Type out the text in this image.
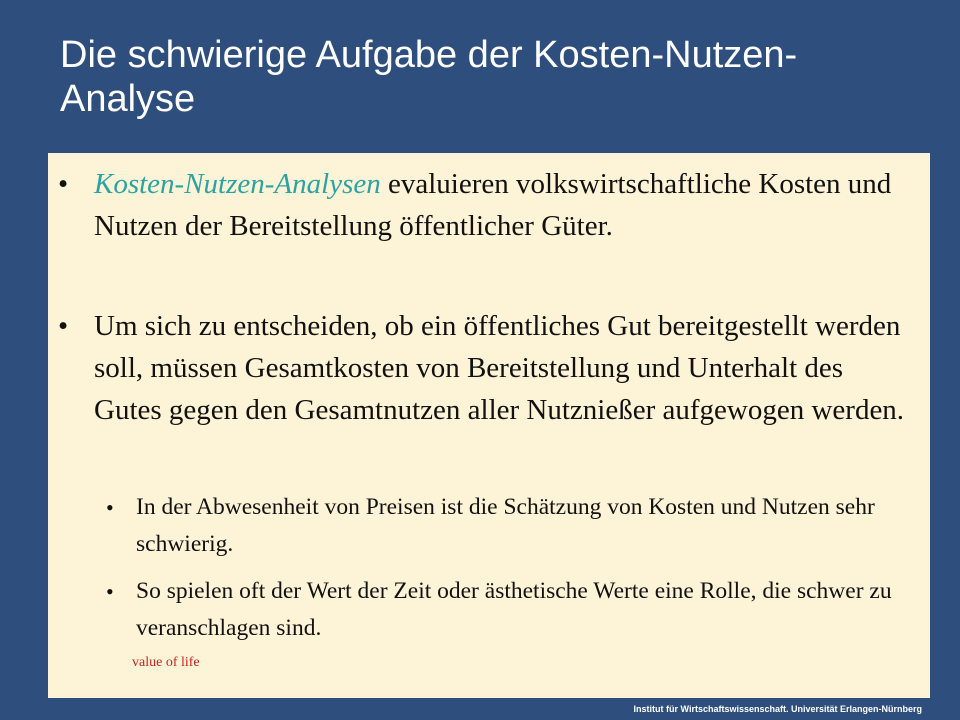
Die schwierige Aufgabe der Kosten-Nutzen-Analyse
• Kosten-Nutzen-Analysen evaluieren volkswirtschaftliche Kosten und Nutzen der Bereitstellung öffentlicher Güter.
• Um sich zu entscheiden, ob ein öffentliches Gut bereitgestellt werden soll, müssen Gesamtkosten von Bereitstellung und Unterhalt des Gutes gegen den Gesamtnutzen aller Nutznießer aufgewogen werden.
• In der Abwesenheit von Preisen ist die Schätzung von Kosten und Nutzen sehr schwierig.
• So spielen oft der Wert der Zeit oder ästhetische Werte eine Rolle, die schwer zu veranschlagen sind.
value of life
Institut für Wirtschaftswissenschaft. Universität Erlangen-Nürnberg
